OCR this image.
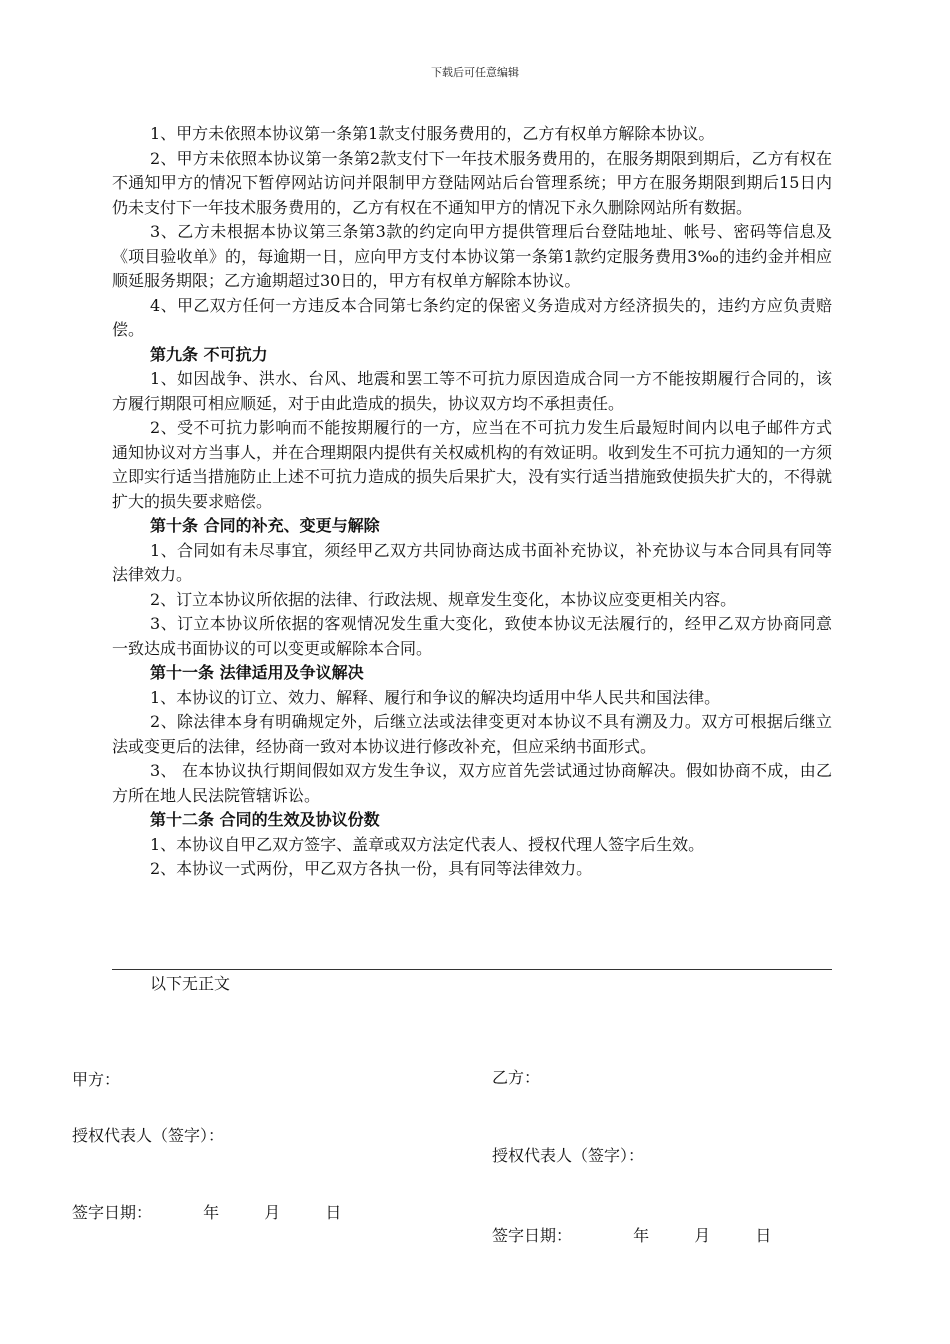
下载后可任意编辑

1、甲方未依照本协议第一条第1款支付服务费用的，乙方有权单方解除本协议。

2、甲方未依照本协议第一条第2款支付下一年技术服务费用的，在服务期限到期后，乙方有权在不通知甲方的情况下暂停网站访问并限制甲方登陆网站后台管理系统；甲方在服务期限到期后15日内仍未支付下一年技术服务费用的，乙方有权在不通知甲方的情况下永久删除网站所有数据。

3、乙方未根据本协议第三条第3款的约定向甲方提供管理后台登陆地址、帐号、密码等信息及《项目验收单》的，每逾期一日，应向甲方支付本协议第一条第1款约定服务费用3‰的违约金并相应顺延服务期限；乙方逾期超过30日的，甲方有权单方解除本协议。

4、甲乙双方任何一方违反本合同第七条约定的保密义务造成对方经济损失的，违约方应负责赔偿。

第九条 不可抗力

1、如因战争、洪水、台风、地震和罢工等不可抗力原因造成合同一方不能按期履行合同的，该方履行期限可相应顺延，对于由此造成的损失，协议双方均不承担责任。

2、受不可抗力影响而不能按期履行的一方，应当在不可抗力发生后最短时间内以电子邮件方式通知协议对方当事人，并在合理期限内提供有关权威机构的有效证明。收到发生不可抗力通知的一方须立即实行适当措施防止上述不可抗力造成的损失后果扩大，没有实行适当措施致使损失扩大的，不得就扩大的损失要求赔偿。

第十条 合同的补充、变更与解除

1、合同如有未尽事宜，须经甲乙双方共同协商达成书面补充协议，补充协议与本合同具有同等法律效力。

2、订立本协议所依据的法律、行政法规、规章发生变化，本协议应变更相关内容。

3、订立本协议所依据的客观情况发生重大变化，致使本协议无法履行的，经甲乙双方协商同意一致达成书面协议的可以变更或解除本合同。

第十一条 法律适用及争议解决

1、本协议的订立、效力、解释、履行和争议的解决均适用中华人民共和国法律。

2、除法律本身有明确规定外，后继立法或法律变更对本协议不具有溯及力。双方可根据后继立法或变更后的法律，经协商一致对本协议进行修改补充，但应采纳书面形式。

3、 在本协议执行期间假如双方发生争议，双方应首先尝试通过协商解决。假如协商不成，由乙方所在地人民法院管辖诉讼。

第十二条 合同的生效及协议份数

1、本协议自甲乙双方签字、盖章或双方法定代表人、授权代理人签字后生效。

2、本协议一式两份，甲乙双方各执一份，具有同等法律效力。

以下无正文
甲方：
授权代表人（签字）：
签字日期：	年	月	日
乙方：
授权代表人（签字）：
签字日期：	年	月	日
